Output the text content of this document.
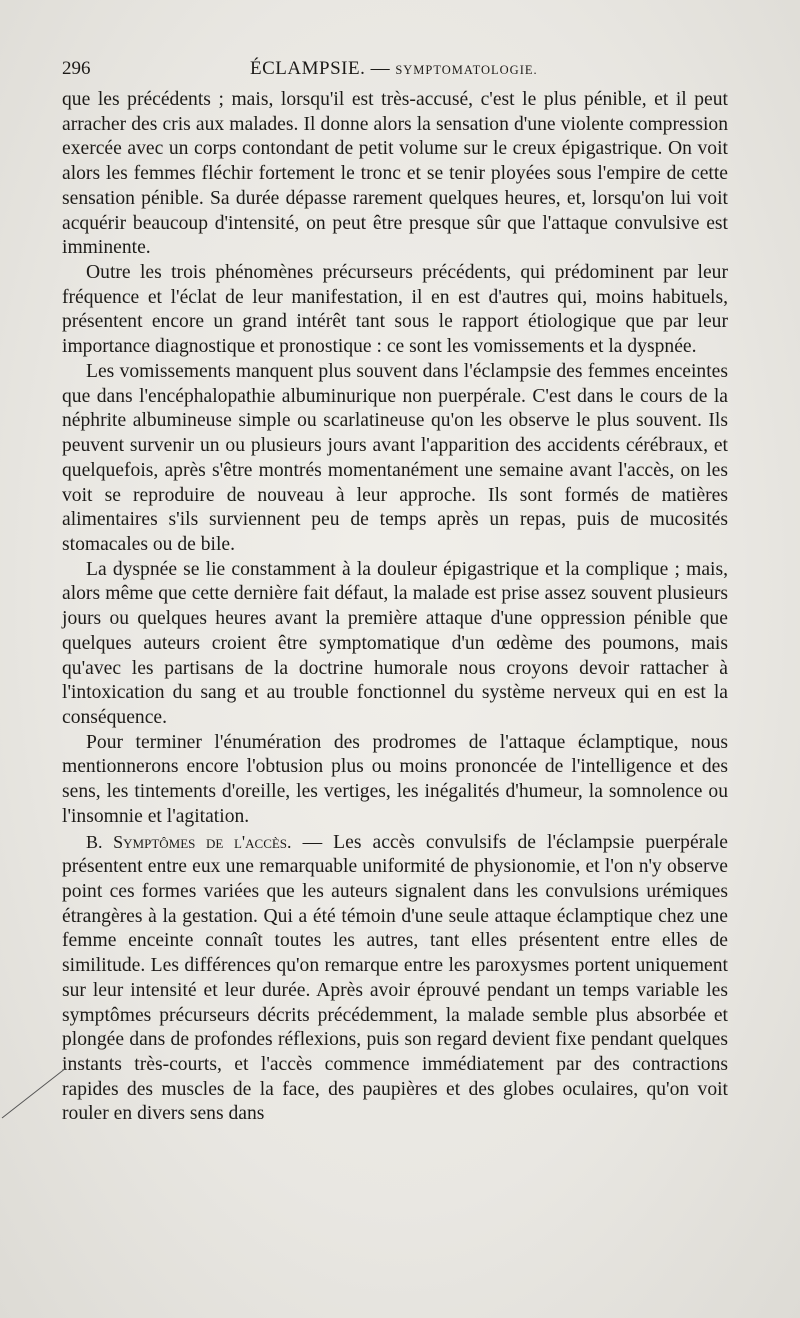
296	ÉCLAMPSIE. — SYMPTOMATOLOGIE.

que les précédents ; mais, lorsqu'il est très-accusé, c'est le plus pénible, et il peut arracher des cris aux malades. Il donne alors la sensation d'une violente compression exercée avec un corps contondant de petit volume sur le creux épigastrique. On voit alors les femmes fléchir fortement le tronc et se tenir ployées sous l'empire de cette sensation pénible. Sa durée dépasse rarement quelques heures, et, lorsqu'on lui voit acquérir beaucoup d'intensité, on peut être presque sûr que l'attaque convulsive est imminente.

Outre les trois phénomènes précurseurs précédents, qui prédominent par leur fréquence et l'éclat de leur manifestation, il en est d'autres qui, moins habituels, présentent encore un grand intérêt tant sous le rapport étiologique que par leur importance diagnostique et pronostique : ce sont les vomissements et la dyspnée.

Les vomissements manquent plus souvent dans l'éclampsie des femmes enceintes que dans l'encéphalopathie albuminurique non puerpérale. C'est dans le cours de la néphrite albumineuse simple ou scarlatineuse qu'on les observe le plus souvent. Ils peuvent survenir un ou plusieurs jours avant l'apparition des accidents cérébraux, et quelquefois, après s'être montrés momentanément une semaine avant l'accès, on les voit se reproduire de nouveau à leur approche. Ils sont formés de matières alimentaires s'ils surviennent peu de temps après un repas, puis de mucosités stomacales ou de bile.

La dyspnée se lie constamment à la douleur épigastrique et la complique ; mais, alors même que cette dernière fait défaut, la malade est prise assez souvent plusieurs jours ou quelques heures avant la première attaque d'une oppression pénible que quelques auteurs croient être symptomatique d'un œdème des poumons, mais qu'avec les partisans de la doctrine humorale nous croyons devoir rattacher à l'intoxication du sang et au trouble fonctionnel du système nerveux qui en est la conséquence.

Pour terminer l'énumération des prodromes de l'attaque éclamptique, nous mentionnerons encore l'obtusion plus ou moins prononcée de l'intelligence et des sens, les tintements d'oreille, les vertiges, les inégalités d'humeur, la somnolence ou l'insomnie et l'agitation.

B. Symptômes de l'accès. — Les accès convulsifs de l'éclampsie puerpérale présentent entre eux une remarquable uniformité de physionomie, et l'on n'y observe point ces formes variées que les auteurs signalent dans les convulsions urémiques étrangères à la gestation. Qui a été témoin d'une seule attaque éclamptique chez une femme enceinte connaît toutes les autres, tant elles présentent entre elles de similitude. Les différences qu'on remarque entre les paroxysmes portent uniquement sur leur intensité et leur durée. Après avoir éprouvé pendant un temps variable les symptômes précurseurs décrits précédemment, la malade semble plus absorbée et plongée dans de profondes réflexions, puis son regard devient fixe pendant quelques instants très-courts, et l'accès commence immédiatement par des contractions rapides des muscles de la face, des paupières et des globes oculaires, qu'on voit rouler en divers sens dans
